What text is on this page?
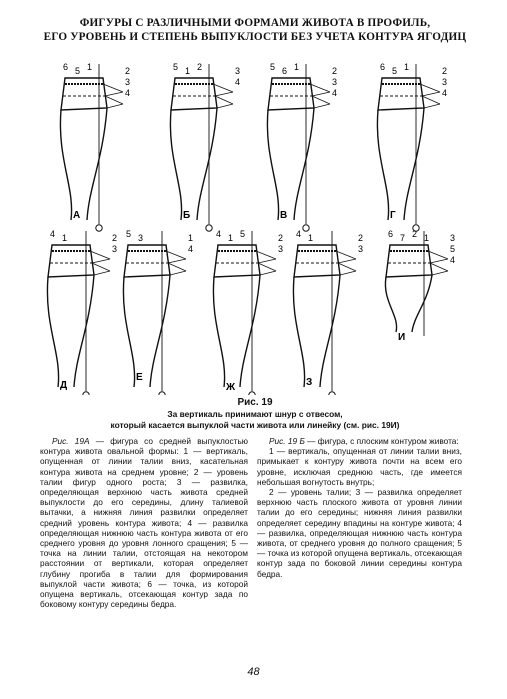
ФИГУРЫ С РАЗЛИЧНЫМИ ФОРМАМИ ЖИВОТА В ПРОФИЛЬ,
ЕГО УРОВЕНЬ И СТЕПЕНЬ ВЫПУКЛОСТИ БЕЗ УЧЕТА КОНТУРА ЯГОДИЦ
6 5 1	2
3
4
А
5 1 2	3
4
Б
5 6 1	2
3
4
В
6 5 1	2
3
4
Г
4 1	2
3
Д
5 3	1
4
Е
4 1 5	2
3
Ж
4 1	2
3
З
6 7 2 1 3
5
4
И
Рис. 19
За вертикаль принимают шнур с отвесом,
который касается выпуклой части живота или линейку (см. рис. 19И)

Рис. 19А — фигура со средней выпуклостью контура живота овальной формы: 1 — вертикаль, опущенная от линии талии вниз, касательная контура живота на среднем уровне; 2 — уровень талии фигур одного роста; 3 — развилка, определяющая верхнюю часть живота средней выпуклости до его середины, длину талиевой вытачки, а нижняя линия развилки определяет средний уровень контура живота; 4 — развилка определяющая нижнюю часть контура живота от его среднего уровня до уровня лонного сращения; 5 — точка на линии талии, отстоящая на некотором расстоянии от вертикали, которая определяет глубину прогиба в талии для формирования выпуклой части живота; 6 — точка, из которой опущена вертикаль, отсекающая контур зада по боковому контуру середины бедра.

Рис. 19 Б — фигура, с плоским контуром живота:

1 — вертикаль, опущенная от линии талии вниз, примыкает к контуру живота почти на всем его уровне, исключая среднюю часть, где имеется небольшая вогнутость внутрь;

2 — уровень талии; 3 — развилка определяет верхнюю часть плоского живота от уровня линии талии до его середины; нижняя линия развилки определяет середину впадины на контуре живота; 4 — развилка, определяющая нижнюю часть контура живота, от среднего уровня до полного сращения; 5 — точка из которой опущена вертикаль, отсекающая контур зада по боковой линии середины контура бедра.

48
